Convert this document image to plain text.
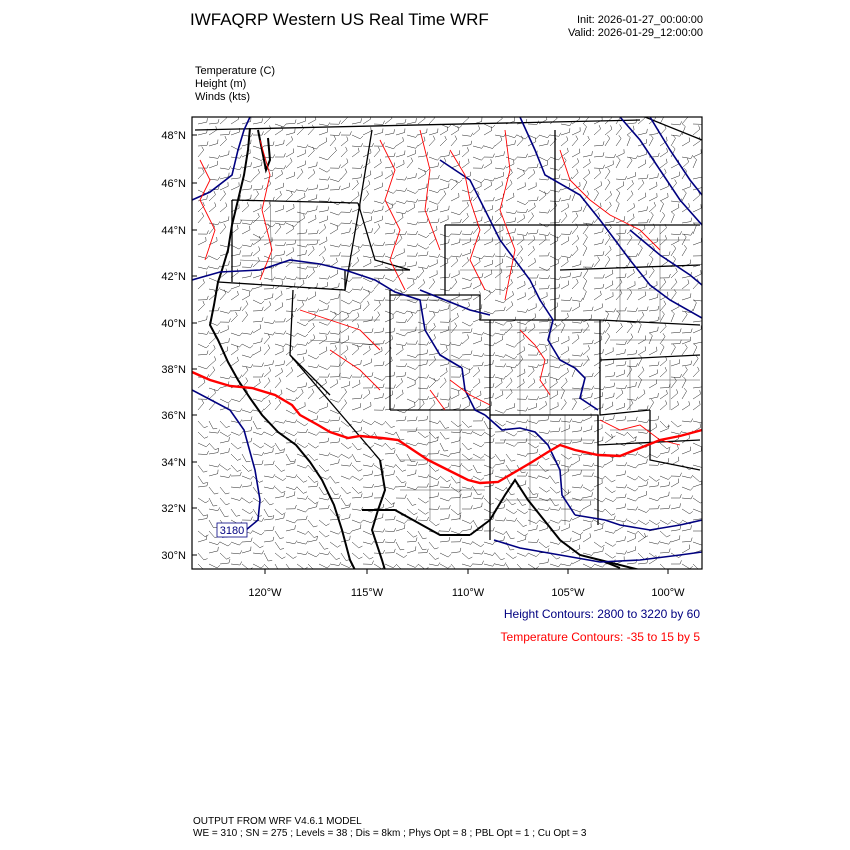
IWFAQRP Western US Real Time WRF	Init: 2026-01-27_00:00:00
Valid: 2026-01-29_12:00:00
Temperature (C)
Height (m)
Winds (kts)
3180
48°N
46°N
44°N
42°N
40°N
38°N
36°N
34°N
32°N
30°N
120°W	115°W	110°W	105°W	100°W
Height Contours: 2800 to 3220 by 60
Temperature Contours: -35 to 15 by 5
OUTPUT FROM WRF V4.6.1 MODEL
WE = 310 ; SN = 275 ; Levels = 38 ; Dis = 8km ; Phys Opt = 8 ; PBL Opt = 1 ; Cu Opt = 3
